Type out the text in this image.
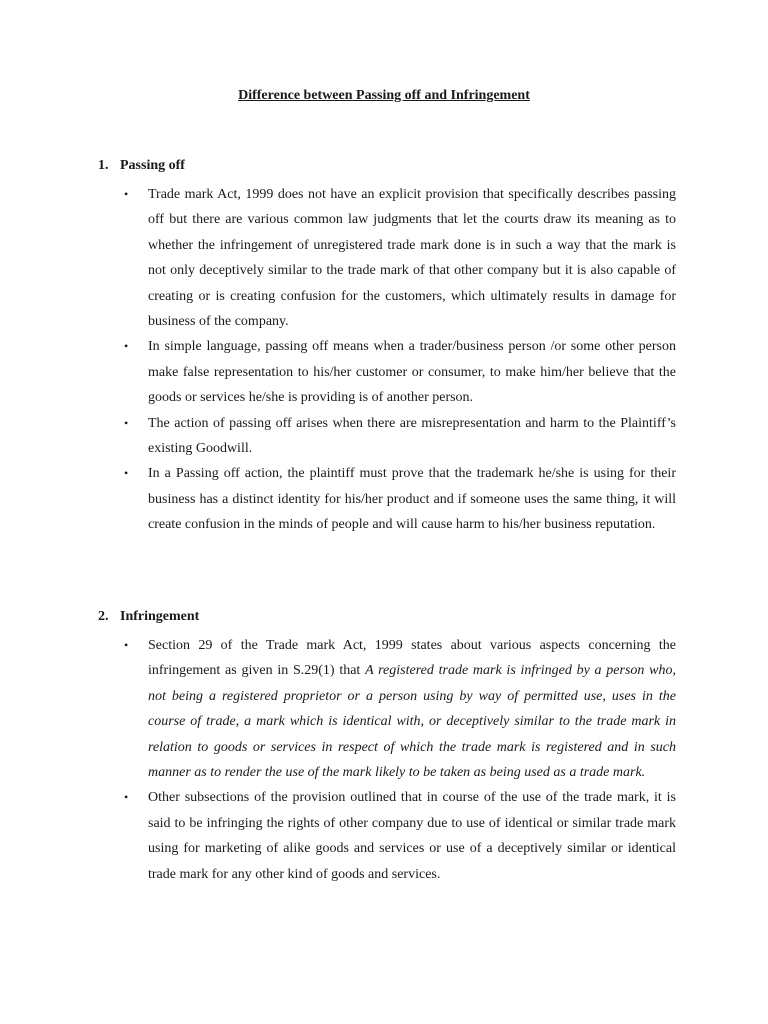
Difference between Passing off and Infringement

1. Passing off

• Trade mark Act, 1999 does not have an explicit provision that specifically describes passing off but there are various common law judgments that let the courts draw its meaning as to whether the infringement of unregistered trade mark done is in such a way that the mark is not only deceptively similar to the trade mark of that other company but it is also capable of creating or is creating confusion for the customers, which ultimately results in damage for business of the company.
• In simple language, passing off means when a trader/business person /or some other person make false representation to his/her customer or consumer, to make him/her believe that the goods or services he/she is providing is of another person.
• The action of passing off arises when there are misrepresentation and harm to the Plaintiff’s existing Goodwill.
• In a Passing off action, the plaintiff must prove that the trademark he/she is using for their business has a distinct identity for his/her product and if someone uses the same thing, it will create confusion in the minds of people and will cause harm to his/her business reputation.

2. Infringement

• Section 29 of the Trade mark Act, 1999 states about various aspects concerning the infringement as given in S.29(1) that A registered trade mark is infringed by a person who, not being a registered proprietor or a person using by way of permitted use, uses in the course of trade, a mark which is identical with, or deceptively similar to the trade mark in relation to goods or services in respect of which the trade mark is registered and in such manner as to render the use of the mark likely to be taken as being used as a trade mark.
• Other subsections of the provision outlined that in course of the use of the trade mark, it is said to be infringing the rights of other company due to use of identical or similar trade mark using for marketing of alike goods and services or use of a deceptively similar or identical trade mark for any other kind of goods and services.
